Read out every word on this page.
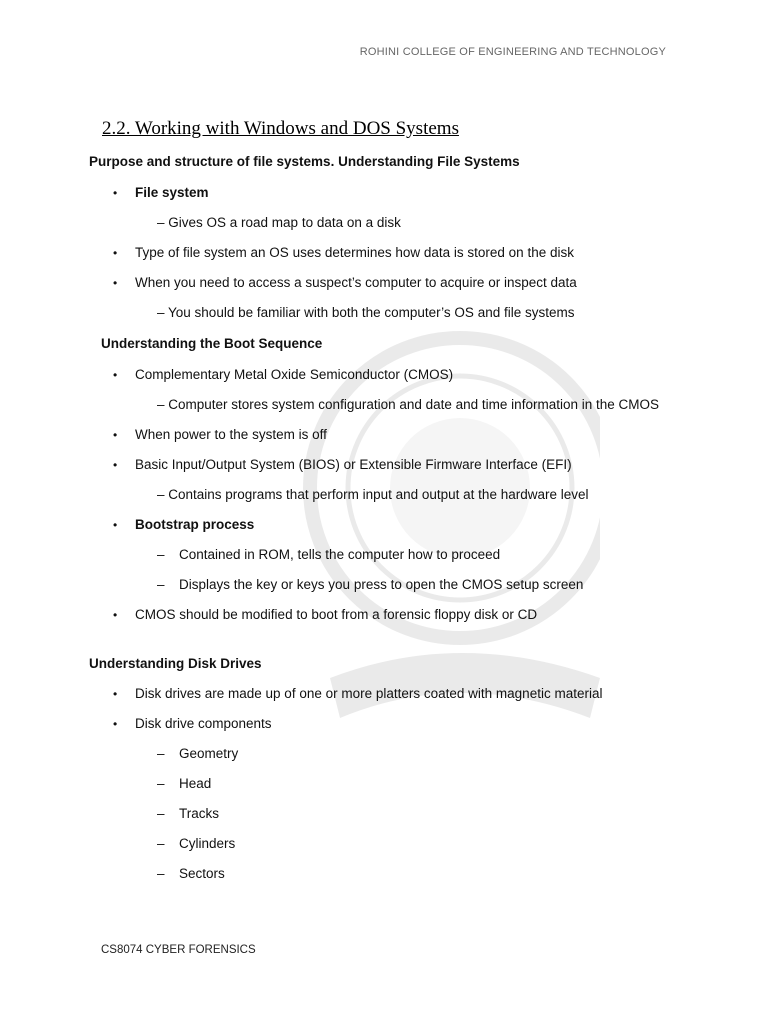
ROHINI COLLEGE OF ENGINEERING AND TECHNOLOGY
2.2. Working with Windows and DOS Systems
Purpose and structure of file systems. Understanding File Systems
• File system
– Gives OS a road map to data on a disk
• Type of file system an OS uses determines how data is stored on the disk
• When you need to access a suspect’s computer to acquire or inspect data
– You should be familiar with both the computer’s OS and file systems
Understanding the Boot Sequence
• Complementary Metal Oxide Semiconductor (CMOS)
– Computer stores system configuration and date and time information in the CMOS
• When power to the system is off
• Basic Input/Output System (BIOS) or Extensible Firmware Interface (EFI)
– Contains programs that perform input and output at the hardware level
• Bootstrap process
– Contained in ROM, tells the computer how to proceed
– Displays the key or keys you press to open the CMOS setup screen
• CMOS should be modified to boot from a forensic floppy disk or CD
Understanding Disk Drives
• Disk drives are made up of one or more platters coated with magnetic material
• Disk drive components
– Geometry
– Head
– Tracks
– Cylinders
– Sectors
CS8074 CYBER FORENSICS
